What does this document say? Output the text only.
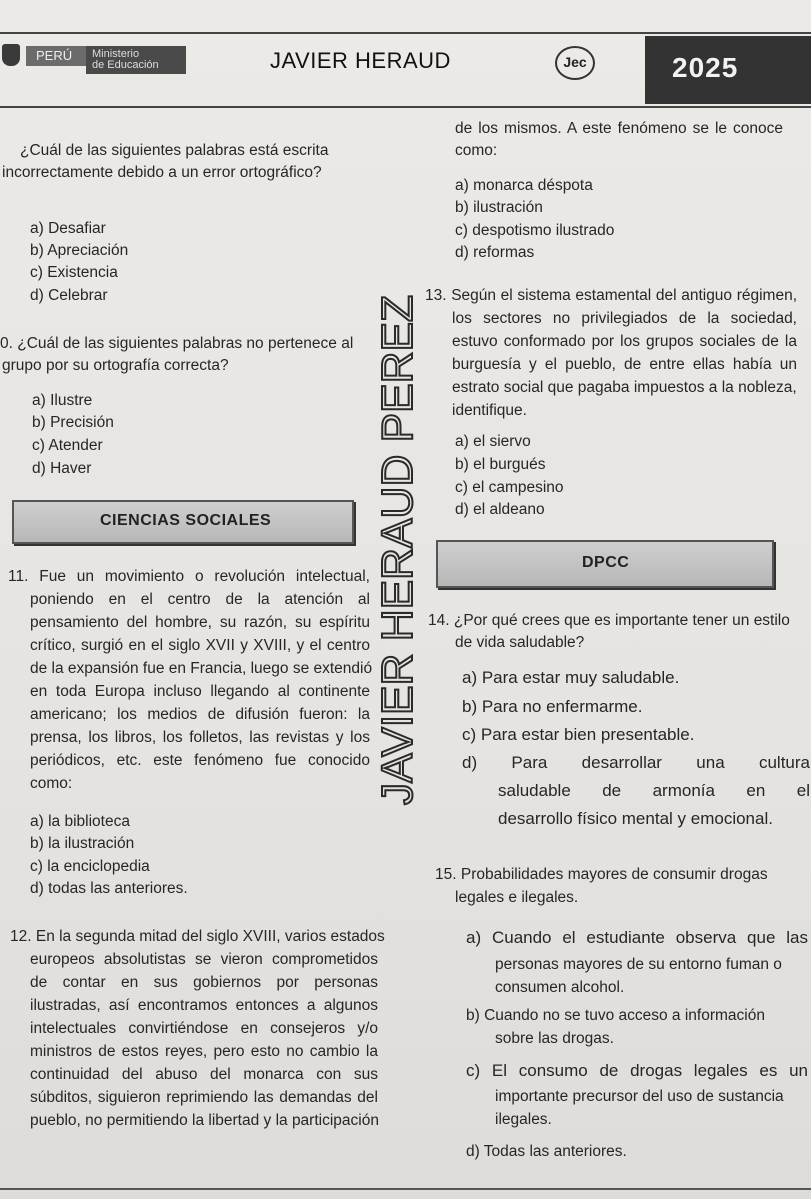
PERÚ	Ministerio
de Educación	JAVIER HERAUD	Jec	2025
JAVIER HERAUD PEREZ
¿Cuál de las siguientes palabras está escrita
incorrectamente debido a un error ortográfico?
a) Desafiar
b) Apreciación
c) Existencia
d) Celebrar
0. ¿Cuál de las siguientes palabras no pertenece al
grupo por su ortografía correcta?
a) Ilustre
b) Precisión
c) Atender
d) Haver
CIENCIAS SOCIALES
11. Fue un movimiento o revolución intelectual,
poniendo en el centro de la atención al
pensamiento del hombre, su razón, su espíritu
crítico, surgió en el siglo XVII y XVIII, y el centro
de la expansión fue en Francia, luego se extendió
en toda Europa incluso llegando al continente
americano; los medios de difusión fueron: la
prensa, los libros, los folletos, las revistas y los
periódicos, etc. este fenómeno fue conocido
como:
a) la biblioteca
b) la ilustración
c) la enciclopedia
d) todas las anteriores.
12. En la segunda mitad del siglo XVIII, varios estados
europeos absolutistas se vieron comprometidos
de contar en sus gobiernos por personas
ilustradas, así encontramos entonces a algunos
intelectuales convirtiéndose en consejeros y/o
ministros de estos reyes, pero esto no cambio la
continuidad del abuso del monarca con sus
súbditos, siguieron reprimiendo las demandas del
pueblo, no permitiendo la libertad y la participación
de los mismos. A este fenómeno se le conoce
como:
a) monarca déspota
b) ilustración
c) despotismo ilustrado
d) reformas
13. Según el sistema estamental del antiguo régimen,
los sectores no privilegiados de la sociedad,
estuvo conformado por los grupos sociales de la
burguesía y el pueblo, de entre ellas había un
estrato social que pagaba impuestos a la nobleza,
identifique.
a) el siervo
b) el burgués
c) el campesino
d) el aldeano
DPCC
14. ¿Por qué crees que es importante tener un estilo
de vida saludable?
a) Para estar muy saludable.
b) Para no enfermarme.
c) Para estar bien presentable.
d) Para desarrollar una cultura
saludable de armonía en el
desarrollo físico mental y emocional.
15. Probabilidades mayores de consumir drogas
legales e ilegales.
a) Cuando el estudiante observa que las
personas mayores de su entorno fuman o
consumen alcohol.
b) Cuando no se tuvo acceso a información
sobre las drogas.
c) El consumo de drogas legales es un
importante precursor del uso de sustancia
ilegales.
d) Todas las anteriores.
